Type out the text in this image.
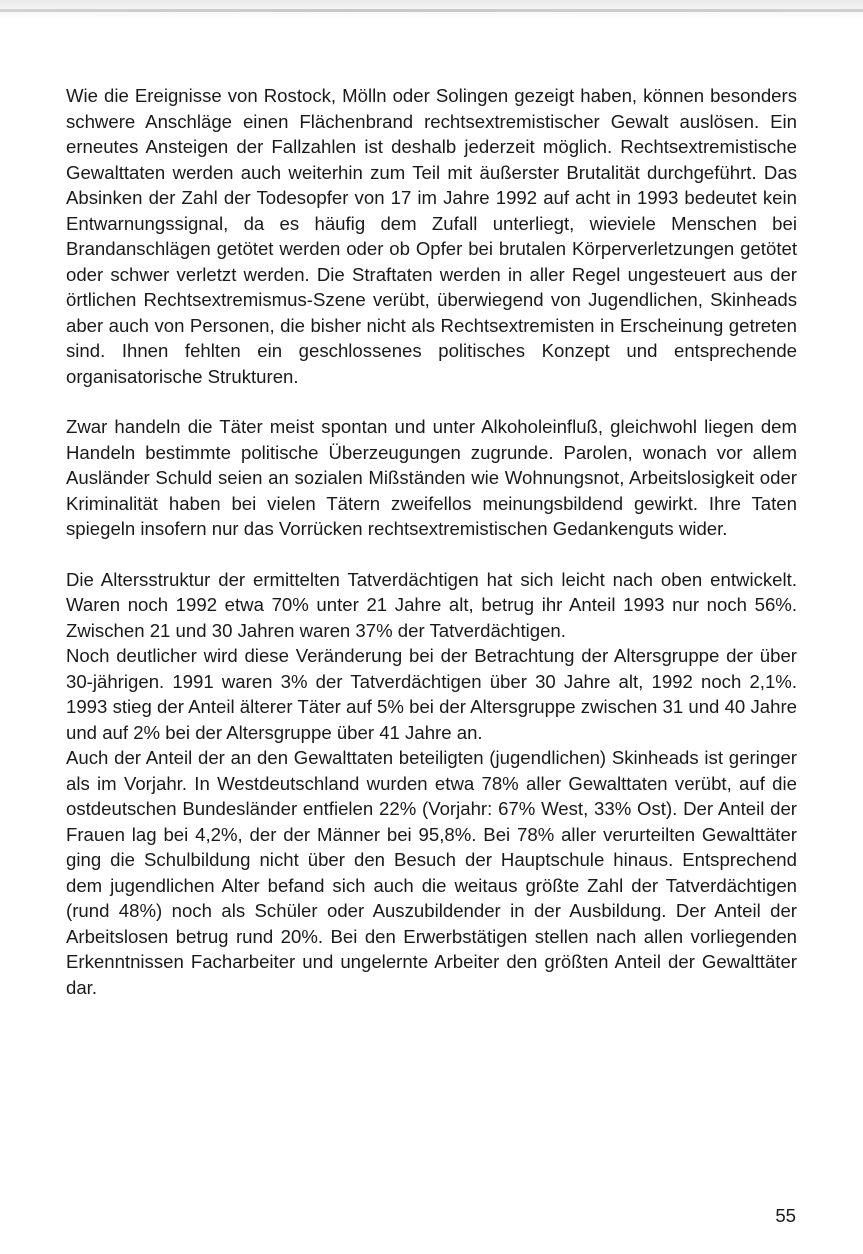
Wie die Ereignisse von Rostock, Mölln oder Solingen gezeigt haben, können besonders schwere Anschläge einen Flächenbrand rechtsextremistischer Gewalt auslösen. Ein erneutes Ansteigen der Fallzahlen ist deshalb jederzeit möglich. Rechtsextremistische Gewalttaten werden auch weiterhin zum Teil mit äußerster Brutalität durchgeführt. Das Absinken der Zahl der Todesopfer von 17 im Jahre 1992 auf acht in 1993 bedeutet kein Entwarnungssignal, da es häufig dem Zufall unterliegt, wieviele Menschen bei Brandanschlägen getötet werden oder ob Opfer bei brutalen Körperverletzungen getötet oder schwer verletzt werden. Die Straftaten werden in aller Regel ungesteuert aus der örtlichen Rechtsextremismus-Szene verübt, überwiegend von Jugendlichen, Skinheads aber auch von Personen, die bisher nicht als Rechtsextremisten in Erscheinung getreten sind. Ihnen fehlten ein geschlossenes politisches Konzept und entsprechende organisatorische Strukturen.

Zwar handeln die Täter meist spontan und unter Alkoholeinfluß, gleichwohl liegen dem Handeln bestimmte politische Überzeugungen zugrunde. Parolen, wonach vor allem Ausländer Schuld seien an sozialen Mißständen wie Wohnungsnot, Arbeitslosigkeit oder Kriminalität haben bei vielen Tätern zweifellos meinungsbildend gewirkt. Ihre Taten spiegeln insofern nur das Vorrücken rechtsextremistischen Gedankenguts wider.

Die Altersstruktur der ermittelten Tatverdächtigen hat sich leicht nach oben entwickelt. Waren noch 1992 etwa 70% unter 21 Jahre alt, betrug ihr Anteil 1993 nur noch 56%. Zwischen 21 und 30 Jahren waren 37% der Tatverdächtigen.

Noch deutlicher wird diese Veränderung bei der Betrachtung der Altersgruppe der über 30-jährigen. 1991 waren 3% der Tatverdächtigen über 30 Jahre alt, 1992 noch 2,1%. 1993 stieg der Anteil älterer Täter auf 5% bei der Altersgruppe zwischen 31 und 40 Jahre und auf 2% bei der Altersgruppe über 41 Jahre an.

Auch der Anteil der an den Gewalttaten beteiligten (jugendlichen) Skinheads ist geringer als im Vorjahr. In Westdeutschland wurden etwa 78% aller Gewalttaten verübt, auf die ostdeutschen Bundesländer entfielen 22% (Vorjahr: 67% West, 33% Ost). Der Anteil der Frauen lag bei 4,2%, der der Männer bei 95,8%. Bei 78% aller verurteilten Gewalttäter ging die Schulbildung nicht über den Besuch der Hauptschule hinaus. Entsprechend dem jugendlichen Alter befand sich auch die weitaus größte Zahl der Tatverdächtigen (rund 48%) noch als Schüler oder Auszubildender in der Ausbildung. Der Anteil der Arbeitslosen betrug rund 20%. Bei den Erwerbstätigen stellen nach allen vorliegenden Erkenntnissen Facharbeiter und ungelernte Arbeiter den größten Anteil der Gewalttäter dar.

55
